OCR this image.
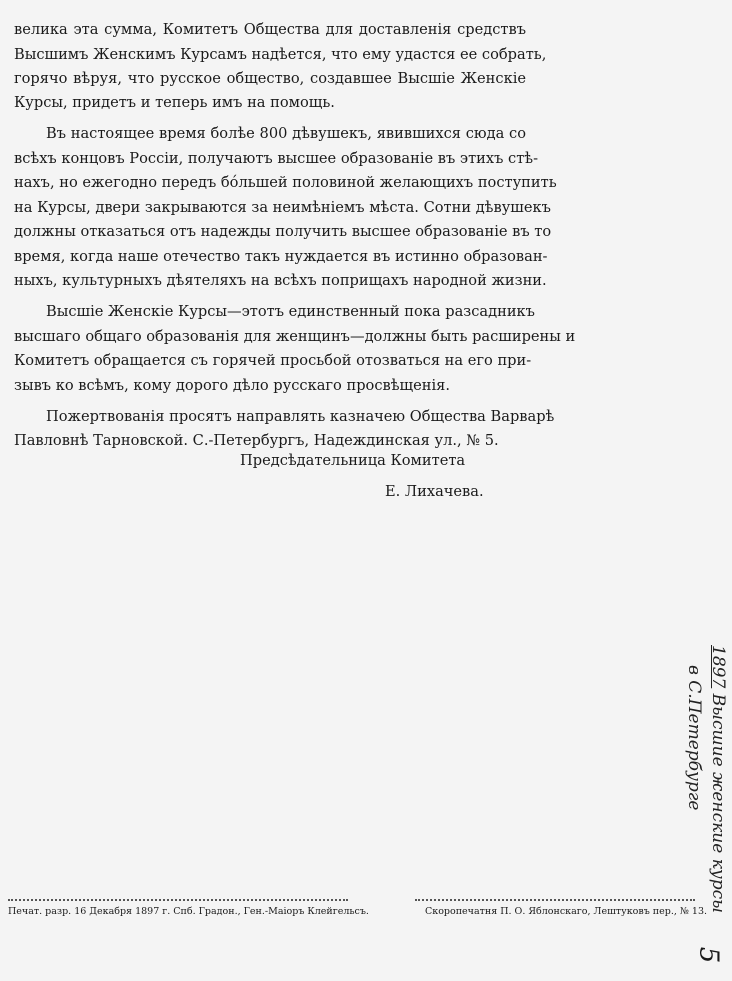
велика эта сумма, Комитетъ Общества для доставленія средствъ
Высшимъ Женскимъ Курсамъ надѣется, что ему удастся ее собрать,
горячо вѣруя, что русское общество, создавшее Высшіе Женскіе
Курсы, придетъ и теперь имъ на помощь.
Въ настоящее время болѣе 800 дѣвушекъ, явившихся сюда со
всѣхъ концовъ Россіи, получаютъ высшее образованіе въ этихъ стѣ-
нахъ, но ежегодно передъ бóльшей половиной желающихъ поступить
на Курсы, двери закрываются за неимѣніемъ мѣста. Сотни дѣвушекъ
должны отказаться отъ надежды получить высшее образованіе въ то
время, когда наше отечество такъ нуждается въ истинно образован-
ныхъ, культурныхъ дѣятеляхъ на всѣхъ поприщахъ народной жизни.
Высшіе Женскіе Курсы—этотъ единственный пока разсадникъ
высшаго общаго образованія для женщинъ—должны быть расширены и
Комитетъ обращается съ горячей просьбой отозваться на его при-
зывъ ко всѣмъ, кому дорого дѣло русскаго просвѣщенія.
Пожертвованія просятъ направлять казначею Общества Варварѣ
Павловнѣ Тарновской. С.-Петербургъ, Надеждинская ул., № 5.
Предсѣдательница Комитета
Е. Лихачева.
1897 Высшие женские курсы
в С.Петербурге
Печат. разр. 16 Декабря 1897 г. Спб. Градон., Ген.-Маіоръ Клейгельсъ.	Скоропечатня П. О. Яблонскаго, Лештуковъ пер., № 13.
5
